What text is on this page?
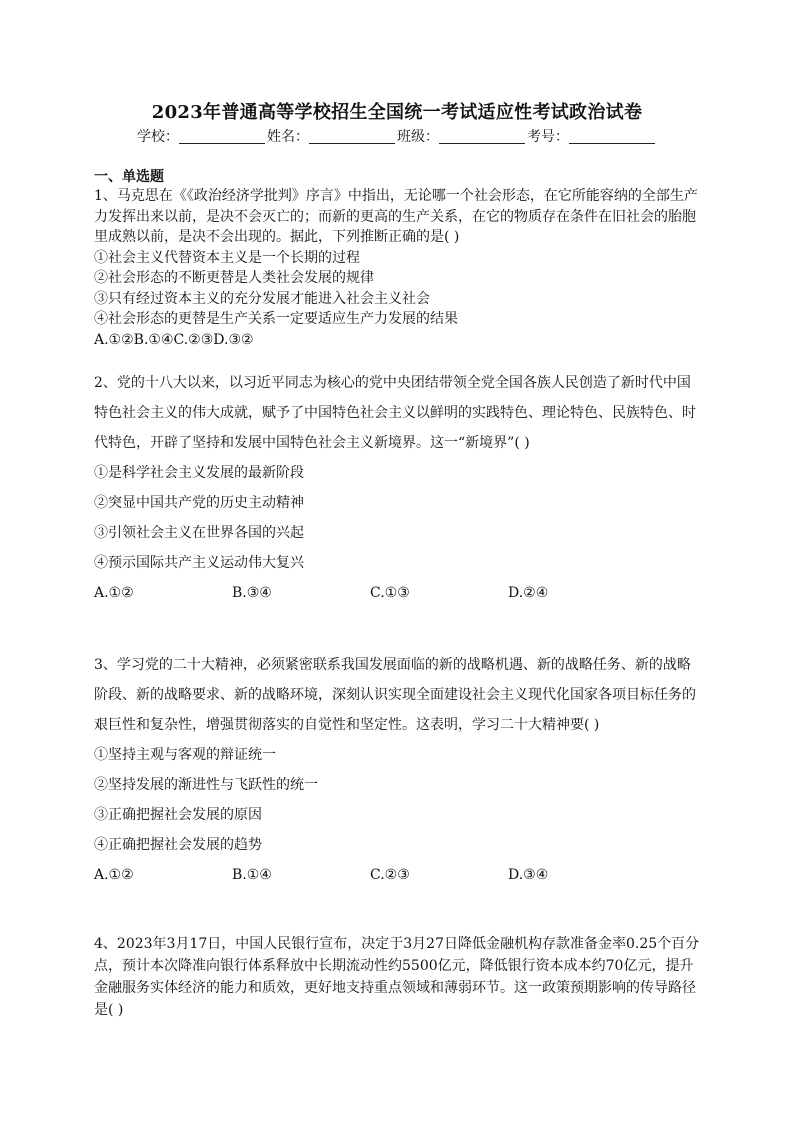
2023年普通高等学校招生全国统一考试适应性考试政治试卷
学校：	姓名：	班级：	考号：
一、单选题

1、马克思在《《政治经济学批判》序言》中指出，无论哪一个社会形态，在它所能容纳的全部生产力发挥出来以前，是决不会灭亡的；而新的更高的生产关系，在它的物质存在条件在旧社会的胎胞里成熟以前，是决不会出现的。据此，下列推断正确的是( )

①社会主义代替资本主义是一个长期的过程

②社会形态的不断更替是人类社会发展的规律

③只有经过资本主义的充分发展才能进入社会主义社会

④社会形态的更替是生产关系一定要适应生产力发展的结果

A.①②B.①④C.②③D.③②

2、党的十八大以来，以习近平同志为核心的党中央团结带领全党全国各族人民创造了新时代中国特色社会主义的伟大成就，赋予了中国特色社会主义以鲜明的实践特色、理论特色、民族特色、时代特色，开辟了坚持和发展中国特色社会主义新境界。这一“新境界”( )

①是科学社会主义发展的最新阶段

②突显中国共产党的历史主动精神

③引领社会主义在世界各国的兴起

④预示国际共产主义运动伟大复兴

A.①②	B.③④	C.①③	D.②④

3、学习党的二十大精神，必须紧密联系我国发展面临的新的战略机遇、新的战略任务、新的战略阶段、新的战略要求、新的战略环境，深刻认识实现全面建设社会主义现代化国家各项目标任务的艰巨性和复杂性，增强贯彻落实的自觉性和坚定性。这表明，学习二十大精神要( )

①坚持主观与客观的辩证统一

②坚持发展的渐进性与飞跃性的统一

③正确把握社会发展的原因

④正确把握社会发展的趋势

A.①②	B.①④	C.②③	D.③④

4、2023年3月17日，中国人民银行宣布，决定于3月27日降低金融机构存款准备金率0.25个百分点，预计本次降准向银行体系释放中长期流动性约5500亿元，降低银行资本成本约70亿元，提升金融服务实体经济的能力和质效，更好地支持重点领域和薄弱环节。这一政策预期影响的传导路径是( )
